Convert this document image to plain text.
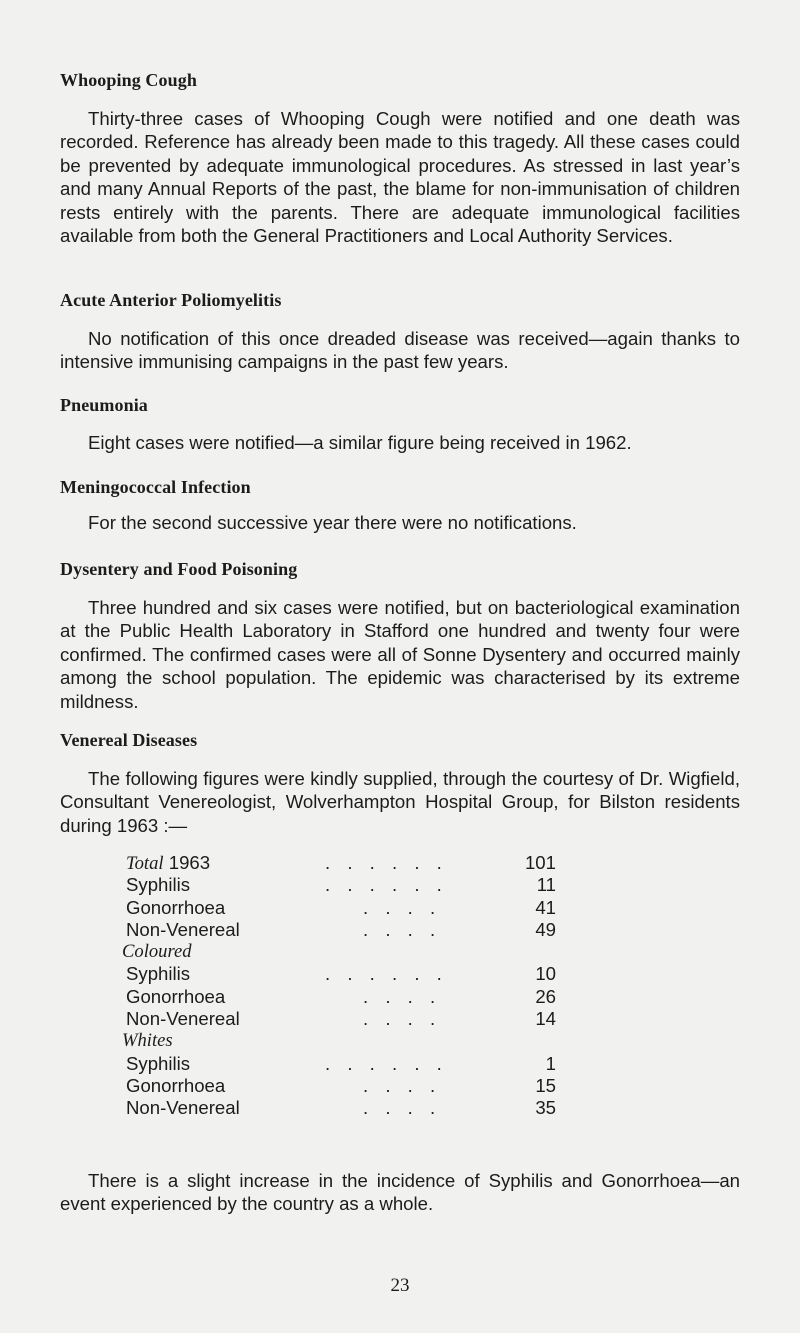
Whooping Cough

Thirty-three cases of Whooping Cough were notified and one death was recorded. Reference has already been made to this tragedy. All these cases could be prevented by adequate immunological procedures. As stressed in last year’s and many Annual Reports of the past, the blame for non-immunisation of children rests entirely with the parents. There are adequate immunological facilities available from both the General Practitioners and Local Authority Services.

Acute Anterior Poliomyelitis

No notification of this once dreaded disease was received—again thanks to intensive immunising campaigns in the past few years.

Pneumonia

Eight cases were notified—a similar figure being received in 1962.

Meningococcal Infection

For the second successive year there were no notifications.

Dysentery and Food Poisoning

Three hundred and six cases were notified, but on bacteriological examination at the Public Health Laboratory in Stafford one hundred and twenty four were confirmed. The confirmed cases were all of Sonne Dysentery and occurred mainly among the school population. The epidemic was characterised by its extreme mildness.

Venereal Diseases

The following figures were kindly supplied, through the courtesy of Dr. Wigfield, Consultant Venereologist, Wolverhampton Hospital Group, for Bilston residents during 1963 :—

There is a slight increase in the incidence of Syphilis and Gonorrhoea—an event experienced by the country as a whole.

Total 1963	. . . . . .	101
Syphilis	. . . . . .	11
Gonorrhoea	. . . .	41
Non-Venereal	. . . .	49
Coloured
Syphilis	. . . . . .	10
Gonorrhoea	. . . .	26
Non-Venereal	. . . .	14
Whites
Syphilis	. . . . . .	1
Gonorrhoea	. . . .	15
Non-Venereal	. . . .	35
23
